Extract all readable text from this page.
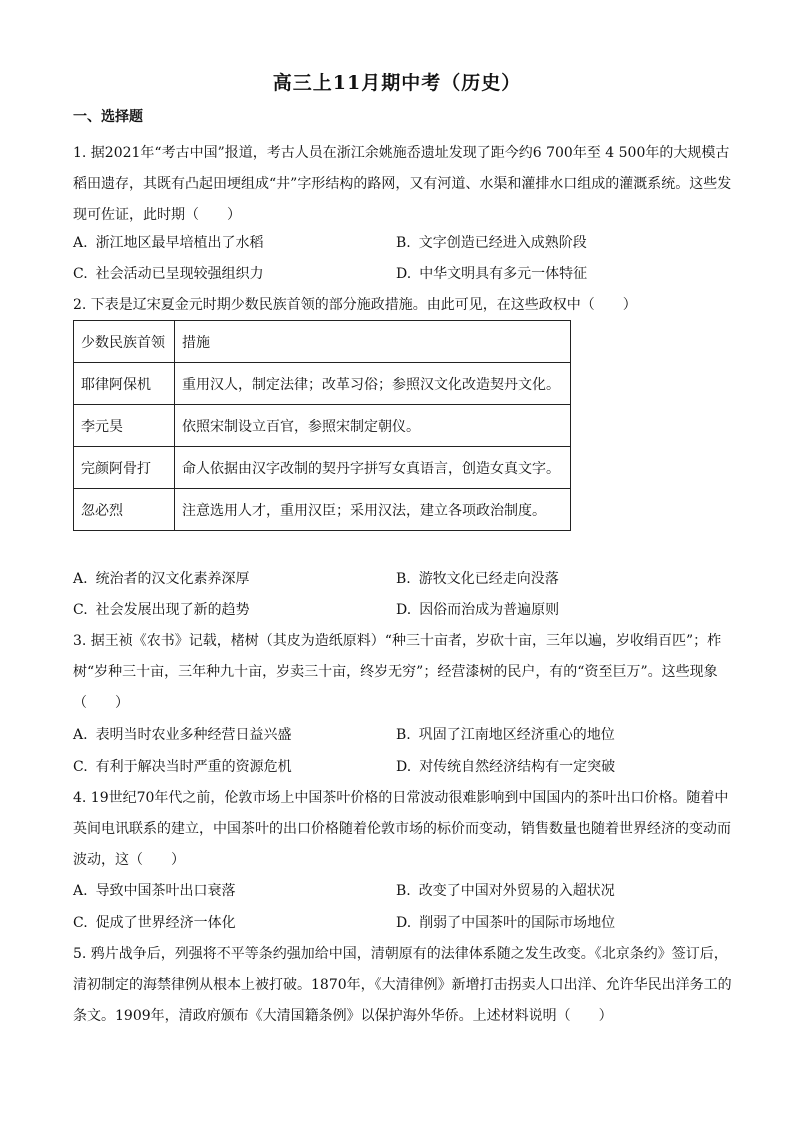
高三上11月期中考（历史）
一、选择题
1. 据2021年“考古中国”报道，考古人员在浙江余姚施岙遗址发现了距今约6 700年至 4 500年的大规模古稻田遗存，其既有凸起田埂组成“井”字形结构的路网，又有河道、水渠和灌排水口组成的灌溉系统。这些发现可佐证，此时期（　　）
A. 浙江地区最早培植出了水稻	B. 文字创造已经进入成熟阶段
C. 社会活动已呈现较强组织力	D. 中华文明具有多元一体特征
2. 下表是辽宋夏金元时期少数民族首领的部分施政措施。由此可见，在这些政权中（　　）
少数民族首领	措施
耶律阿保机	重用汉人，制定法律；改革习俗；参照汉文化改造契丹文化。
李元昊	依照宋制设立百官，参照宋制定朝仪。
完颜阿骨打	命人依据由汉字改制的契丹字拼写女真语言，创造女真文字。
忽必烈	注意选用人才，重用汉臣；采用汉法，建立各项政治制度。
A. 统治者的汉文化素养深厚	B. 游牧文化已经走向没落
C. 社会发展出现了新的趋势	D. 因俗而治成为普遍原则
3. 据王祯《农书》记载，楮树（其皮为造纸原料）“种三十亩者，岁砍十亩，三年以遍，岁收绢百匹”；柞树“岁种三十亩，三年种九十亩，岁卖三十亩，终岁无穷”；经营漆树的民户，有的“资至巨万”。这些现象（　　）
A. 表明当时农业多种经营日益兴盛	B. 巩固了江南地区经济重心的地位
C. 有利于解决当时严重的资源危机	D. 对传统自然经济结构有一定突破
4. 19世纪70年代之前，伦敦市场上中国茶叶价格的日常波动很难影响到中国国内的茶叶出口价格。随着中英间电讯联系的建立，中国茶叶的出口价格随着伦敦市场的标价而变动，销售数量也随着世界经济的变动而波动，这（　　）
A. 导致中国茶叶出口衰落	B. 改变了中国对外贸易的入超状况
C. 促成了世界经济一体化	D. 削弱了中国茶叶的国际市场地位
5. 鸦片战争后，列强将不平等条约强加给中国，清朝原有的法律体系随之发生改变。《北京条约》签订后，清初制定的海禁律例从根本上被打破。1870年，《大清律例》新增打击拐卖人口出洋、允许华民出洋务工的条文。1909年，清政府颁布《大清国籍条例》以保护海外华侨。上述材料说明（　　）
